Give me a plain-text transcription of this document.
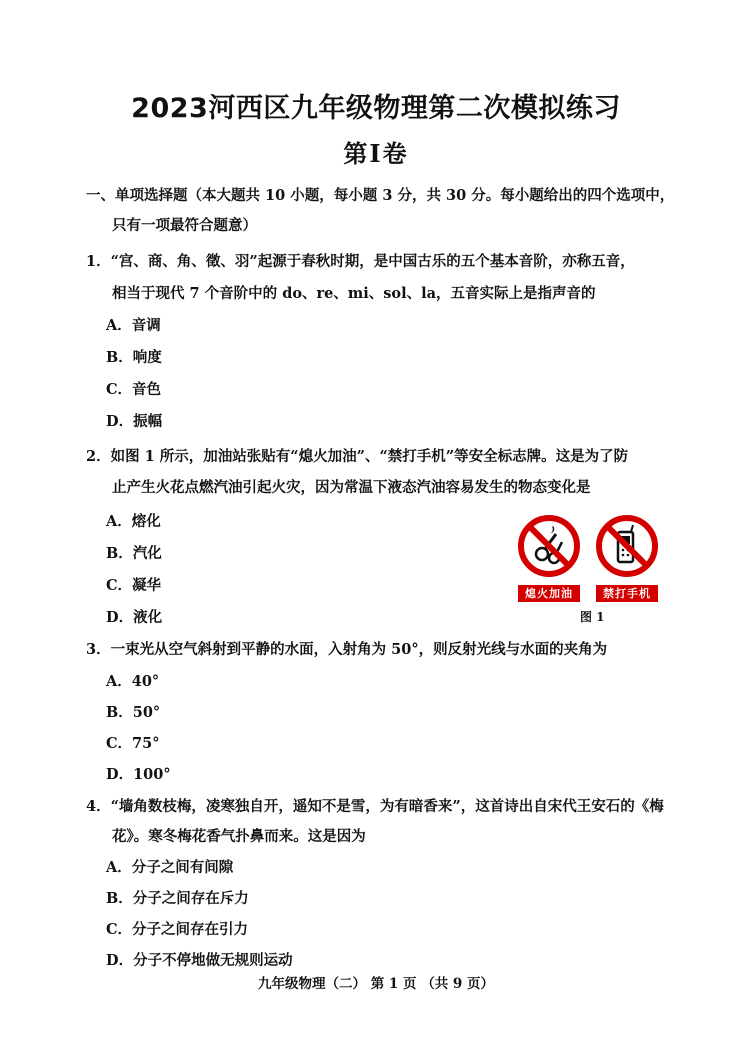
2023河西区九年级物理第二次模拟练习
第Ⅰ卷
一、单项选择题（本大题共 10 小题，每小题 3 分，共 30 分。每小题给出的四个选项中，
只有一项最符合题意）
1．“宫、商、角、徵、羽”起源于春秋时期，是中国古乐的五个基本音阶，亦称五音，
相当于现代 7 个音阶中的 do、re、mi、sol、la，五音实际上是指声音的
A．音调
B．响度
C．音色
D．振幅
2．如图 1 所示，加油站张贴有“熄火加油”、“禁打手机”等安全标志牌。这是为了防
止产生火花点燃汽油引起火灾，因为常温下液态汽油容易发生的物态变化是
A．熔化
B．汽化
C．凝华
D．液化
熄火加油	禁打手机
图 1
3．一束光从空气斜射到平静的水面，入射角为 50°，则反射光线与水面的夹角为
A．40°
B．50°
C．75°
D．100°
4．“墙角数枝梅，凌寒独自开，遥知不是雪，为有暗香来”，这首诗出自宋代王安石的《梅
花》。寒冬梅花香气扑鼻而来。这是因为
A．分子之间有间隙
B．分子之间存在斥力
C．分子之间存在引力
D．分子不停地做无规则运动
九年级物理（二） 第 1 页 （共 9 页）
